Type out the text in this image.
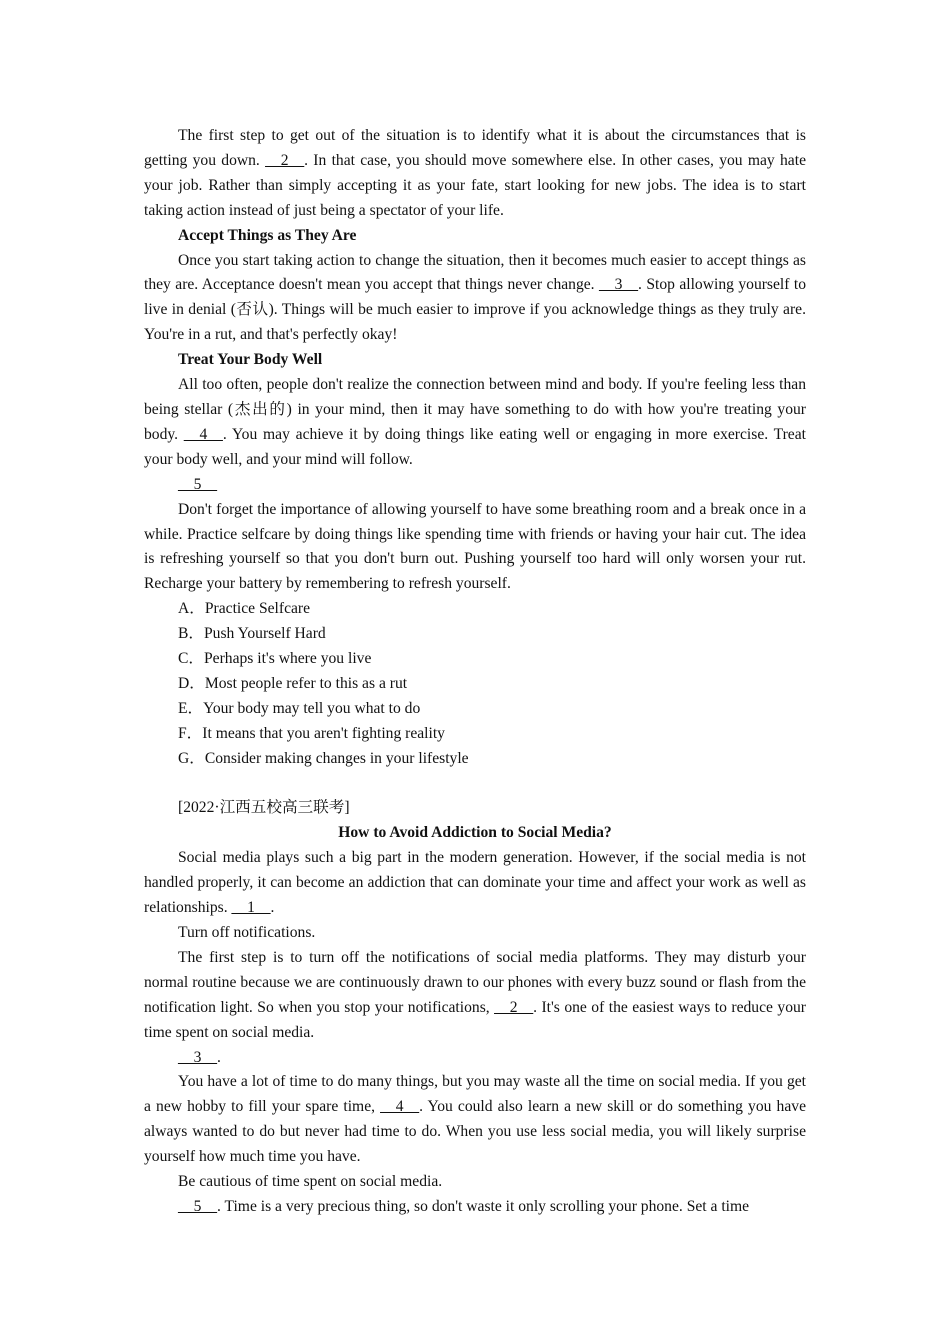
The first step to get out of the situation is to identify what it is about the circumstances that is getting you down. __2__. In that case, you should move somewhere else. In other cases, you may hate your job. Rather than simply accepting it as your fate, start looking for new jobs. The idea is to start taking action instead of just being a spectator of your life.

Accept Things as They Are

Once you start taking action to change the situation, then it becomes much easier to accept things as they are. Acceptance doesn't mean you accept that things never change. __3__. Stop allowing yourself to live in denial (否认). Things will be much easier to improve if you acknowledge things as they truly are. You're in a rut, and that's perfectly okay!

Treat Your Body Well

All too often, people don't realize the connection between mind and body. If you're feeling less than being stellar (杰出的) in your mind, then it may have something to do with how you're treating your body. __4__. You may achieve it by doing things like eating well or engaging in more exercise. Treat your body well, and your mind will follow.

__5__

Don't forget the importance of allowing yourself to have some breathing room and a break once in a while. Practice selfcare by doing things like spending time with friends or having your hair cut. The idea is refreshing yourself so that you don't burn out. Pushing yourself too hard will only worsen your rut. Recharge your battery by remembering to refresh yourself.

A．Practice Selfcare

B．Push Yourself Hard

C．Perhaps it's where you live

D．Most people refer to this as a rut

E．Your body may tell you what to do

F．It means that you aren't fighting reality

G．Consider making changes in your lifestyle

[2022·江西五校高三联考]

How to Avoid Addiction to Social Media?

Social media plays such a big part in the modern generation. However, if the social media is not handled properly, it can become an addiction that can dominate your time and affect your work as well as relationships. __1__.

Turn off notifications.

The first step is to turn off the notifications of social media platforms. They may disturb your normal routine because we are continuously drawn to our phones with every buzz sound or flash from the notification light. So when you stop your notifications, __2__. It's one of the easiest ways to reduce your time spent on social media.

__3__.

You have a lot of time to do many things, but you may waste all the time on social media. If you get a new hobby to fill your spare time, __4__. You could also learn a new skill or do something you have always wanted to do but never had time to do. When you use less social media, you will likely surprise yourself how much time you have.

Be cautious of time spent on social media.

__5__. Time is a very precious thing, so don't waste it only scrolling your phone. Set a time
